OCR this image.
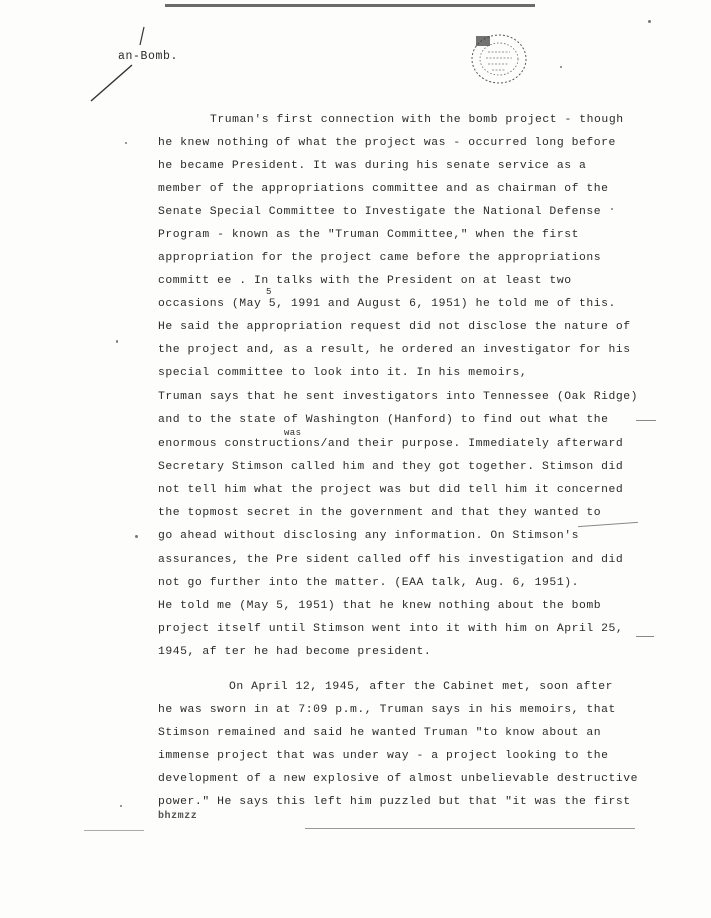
an-Bomb.
Truman's first connection with the bomb project - though
he knew nothing of what the project was - occurred long before
he became President. It was during his senate service as a
member of the appropriations committee and as chairman of the
Senate Special Committee to Investigate the National Defense
Program - known as the "Truman Committee," when the first
appropriation for the project came before the appropriations
committ ee . In talks with the President on at least two
5
occasions (May 5, 1991 and August 6, 1951) he told me of this.
He said the appropriation request did not disclose the nature of
the project and, as a result, he ordered an investigator for his
special committee to look into it. In his memoirs,
Truman says that he sent investigators into Tennessee (Oak Ridge)
and to the state of Washington (Hanford) to find out what the
was
enormous constructions/and their purpose. Immediately afterward
Secretary Stimson called him and they got together. Stimson did
not tell him what the project was but did tell him it concerned
the topmost secret in the government and that they wanted to
go ahead without disclosing any information. On Stimson's
assurances, the Pre sident called off his investigation and did
not go further into the matter. (EAA talk, Aug. 6, 1951).
He told me (May 5, 1951) that he knew nothing about the bomb
project itself until Stimson went into it with him on April 25,
1945, af ter he had become president.
On April 12, 1945, after the Cabinet met, soon after
he was sworn in at 7:09 p.m., Truman says in his memoirs, that
Stimson remained and said he wanted Truman "to know about an
immense project that was under way - a project looking to the
development of a new explosive of almost unbelievable destructive
power." He says this left him puzzled but that "it was the first
bhzmzz
